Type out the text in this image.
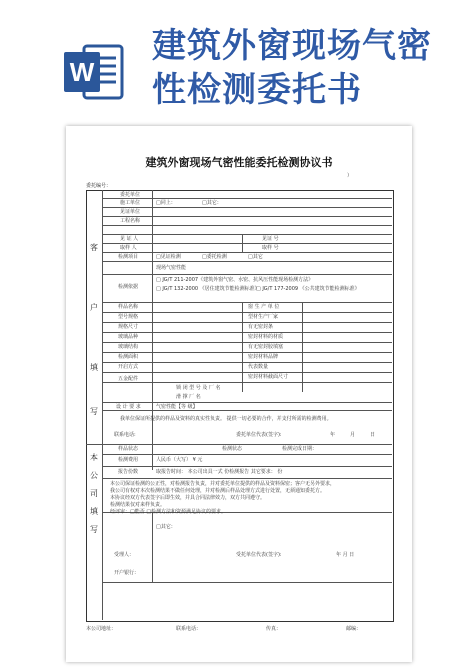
W
建筑外窗现场气密
性检测委托书
建筑外窗现场气密性能委托检测协议书
）
委托编号：
客
户
填
写
本
公
司
填
写
委托单位
施工单位	□同上：	□其它：
见证单位
工程名称
见 证 人	见证 号
取样 人	取样 号
检测项目	□见证检测	□委托检测	□其它
现场气密性能
检测依据
□ JG/T 211-2007《建筑外窗气密、水密、抗风压性能现场检测方法》
□ JG/T 132-2000 《居住建筑节能检测标准》
□ JG/T 177-2009 《公共建筑节能检测标准》
样品名称	窗 生 产 单 位
型号规格	型材生产厂家
规格尺寸	有无密封条
玻璃品种	密封材料的材质
玻璃结构	有无密封胶填塞
检测面积	密封材料品牌
开启方式	代表数量
五金配件	密封材料截面尺寸
锁 闭 型 号 及 厂 名
滑 撑 厂 名
设 计 要 求	气密性能【等 级】
我单位保证所提供的样品及资料的真实性负责。 提供一切必要的合作，并支付所需的检测费用。
联系电话:	委托单位代表(签字):	年	月	日
样品状态	检测状态	检测完成日期：
检测费用	人民币（大写） ¥ 元
报告份数	取报告时间： 本公司出具一式 份检测报告 其它要求： 份
本公司保证检测的公正性，对检测报告负责，并对委托单位提供的样品及资料保密；客户无另外要求，
我公司有权对本次检测结果不做任何处理，并对检测后样品处理方式进行处置，无须通知委托方。
本协议经双方代表签字后即生效，并具合同法律效力，双方共同遵守。
检测结果仅对来样负责。
经评审：□能否 □检测方法和资源满足协议的要求。
□其它：
受理人：	受托单位代表(签字):	年 月 日
开户银行：
本公司地址：	联系电话：	传真：	邮编：
